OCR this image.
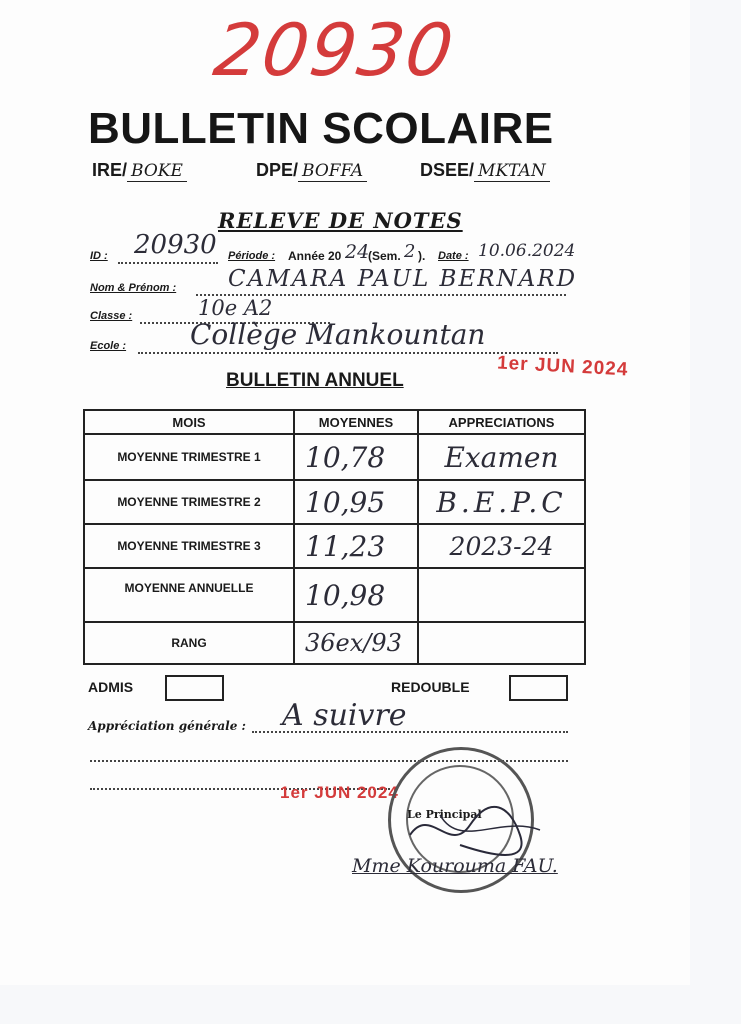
20930
BULLETIN SCOLAIRE
IRE/ BOKE	DPE/ BOFFA	DSEE/ MKTAN
RELEVE DE NOTES
ID : 20930 Période : Année 20 24
(Sem. 2 ). Date : 10.06.2024
Nom & Prénom : CAMARA PAUL BERNARD
Classe :	10e A2
Ecole : Collège Mankountan
1er JUN 2024
BULLETIN ANNUEL
MOIS	MOYENNES	APPRECIATIONS
MOYENNE TRIMESTRE 1	10,78	Examen
MOYENNE TRIMESTRE 2	10,95	B.E.P.C
MOYENNE TRIMESTRE 3	11,23	2023-24
MOYENNE ANNUELLE	10,98	
RANG	36ex/93	
ADMIS	REDOUBLE
Appréciation générale : A suivre
1er JUN 2024
Le Principal
Mme Kourouma FAU.
